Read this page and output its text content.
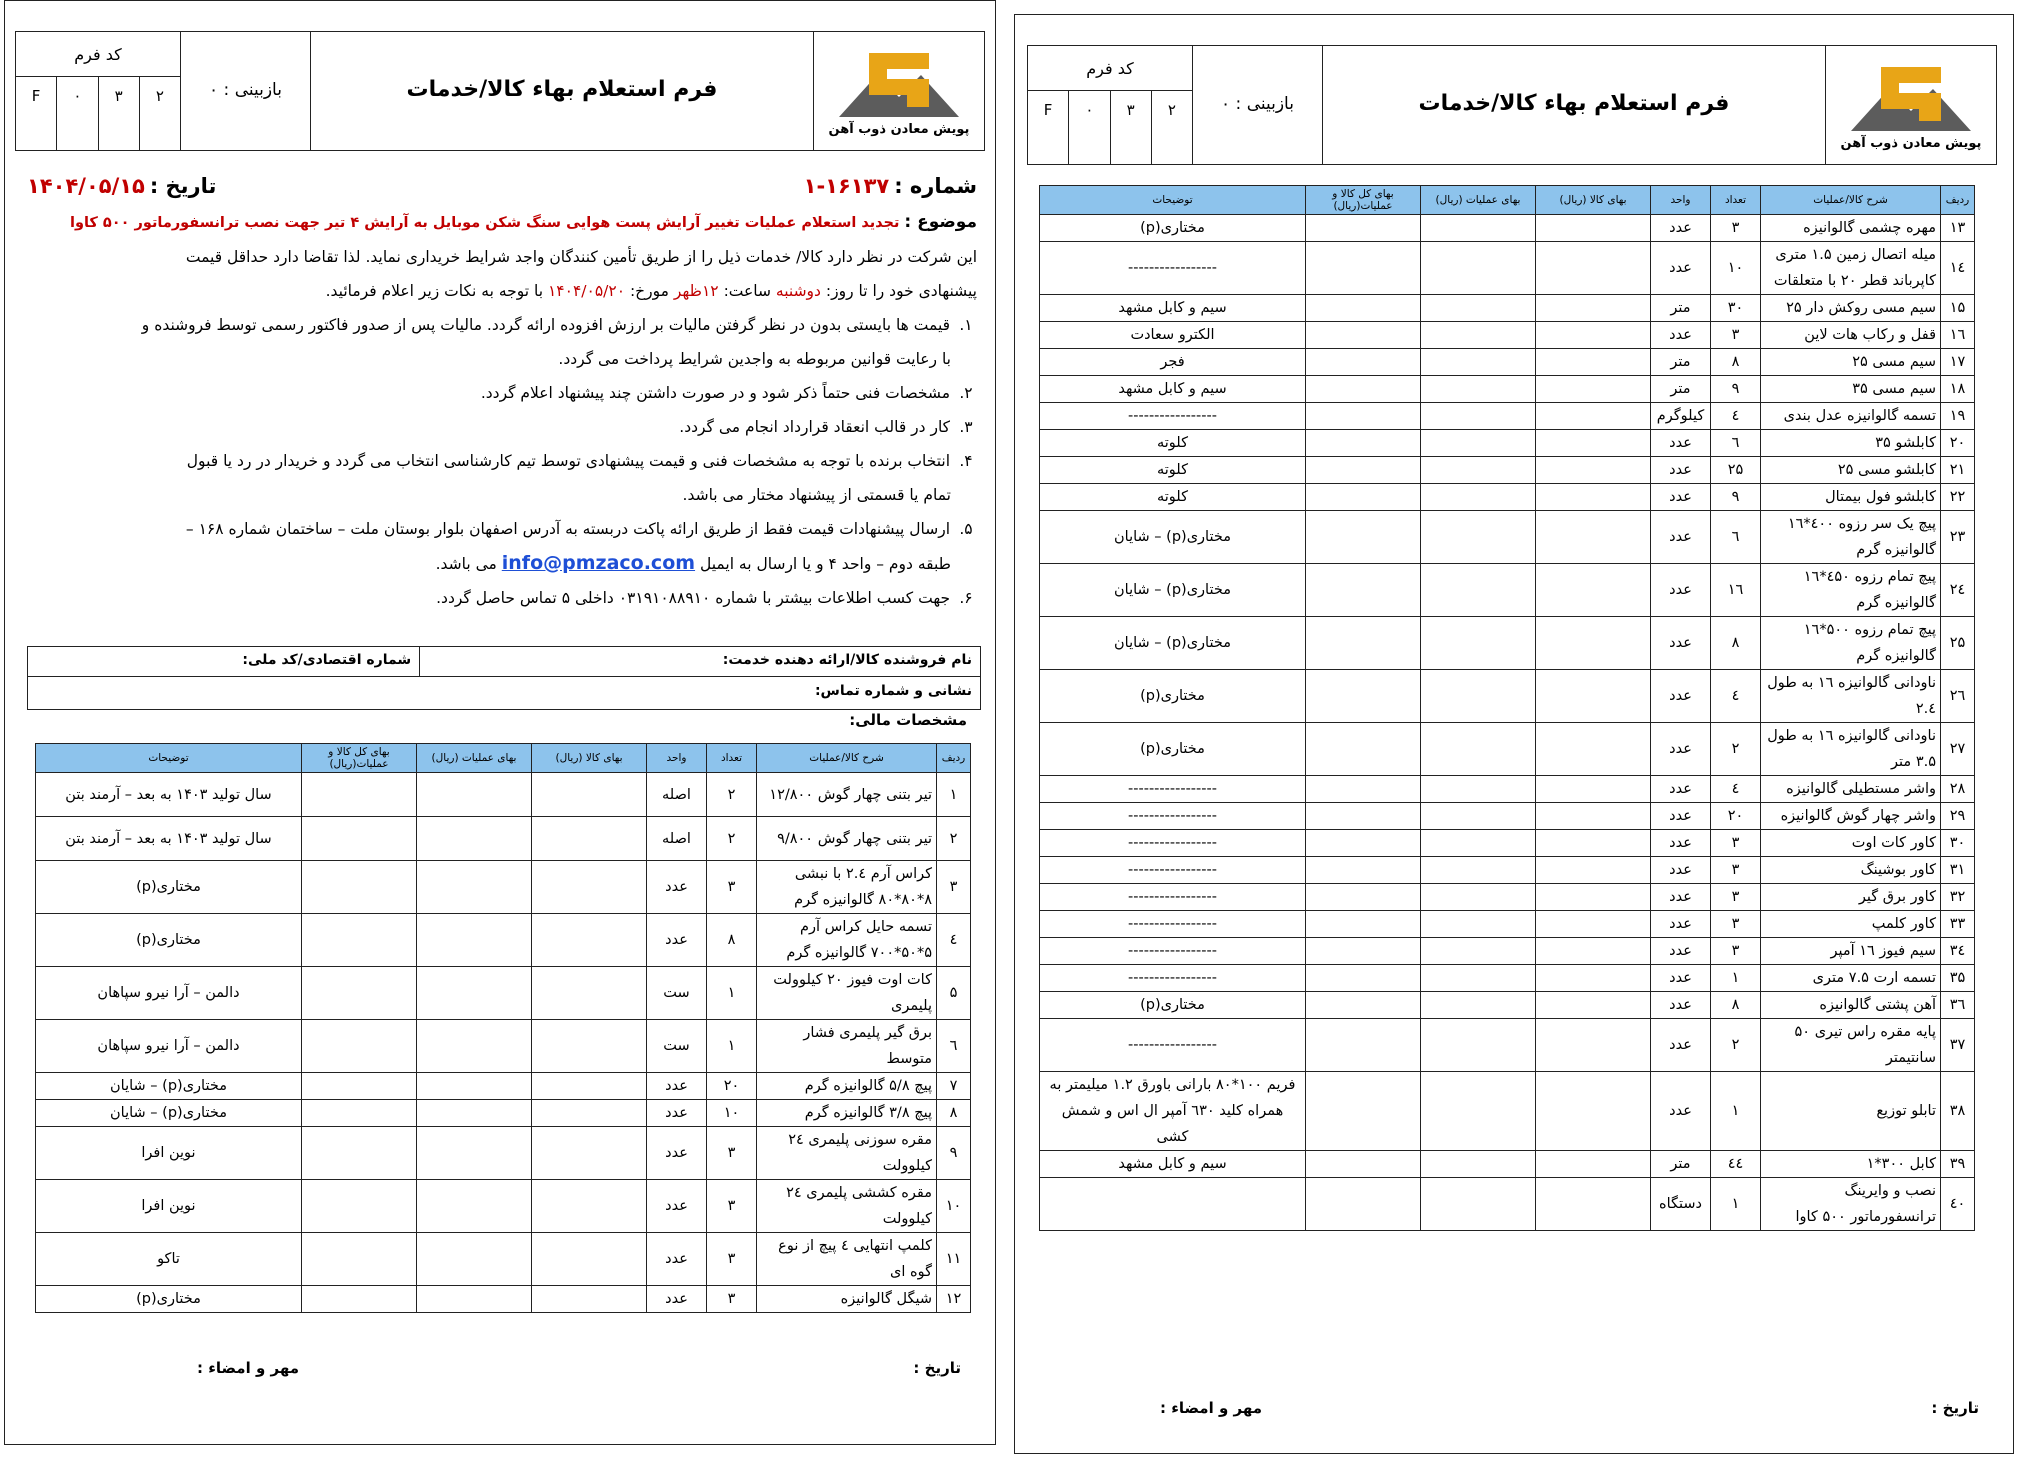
کد فرم
F	۰	۳	۲	بازبینی : ۰	فرم استعلام بهاء کالا/خدمات
پویش معادن ذوب آهن
شماره : ۱۶۱۳۷-۱
تاریخ : ۱۴۰۴/۰۵/۱۵
موضوع : تجدید استعلام عملیات تغییر آرایش پست هوایی سنگ شکن موبایل به آرایش ۴ تیر جهت نصب ترانسفورماتور ۵۰۰ کاوا
این شرکت در نظر دارد کالا/ خدمات ذیل را از طریق تأمین کنندگان واجد شرایط خریداری نماید. لذا تقاضا دارد حداقل قیمت
پیشنهادی خود را تا روز: دوشنبه ساعت: ۱۲ظهر مورخ: ۱۴۰۴/۰۵/۲۰ با توجه به نکات زیر اعلام فرمائید.
۱. قیمت ها بایستی بدون در نظر گرفتن مالیات بر ارزش افزوده ارائه گردد. مالیات پس از صدور فاکتور رسمی توسط فروشنده و
با رعایت قوانین مربوطه به واجدین شرایط پرداخت می گردد.
۲. مشخصات فنی حتماً ذکر شود و در صورت داشتن چند پیشنهاد اعلام گردد.
۳. کار در قالب انعقاد قرارداد انجام می گردد.
۴. انتخاب برنده با توجه به مشخصات فنی و قیمت پیشنهادی توسط تیم کارشناسی انتخاب می گردد و خریدار در رد یا قبول
تمام یا قسمتی از پیشنهاد مختار می باشد.
۵. ارسال پیشنهادات قیمت فقط از طریق ارائه پاکت دربسته به آدرس اصفهان بلوار بوستان ملت – ساختمان شماره ۱۶۸ –
طبقه دوم – واحد ۴ و یا ارسال به ایمیل info@pmzaco.com می باشد.
۶. جهت کسب اطلاعات بیشتر با شماره ۰۳۱۹۱۰۸۸۹۱۰ داخلی ۵ تماس حاصل گردد.
نام فروشنده کالا/ارائه دهنده خدمت:
شماره اقتصادی/کد ملی:
نشانی و شماره تماس:
مشخصات مالی:
ردیف	شرح کالا/عملیات	تعداد	واحد	بهای کالا (ریال)	بهای عملیات (ریال)	بهای کل کالا و عملیات(ریال)	توضیحات
۱	تیر بتنی چهار گوش ۱۲/۸۰۰	۲	اصله				سال تولید ۱۴۰۳ به بعد – آرمند بتن
۲	تیر بتنی چهار گوش ۹/۸۰۰	۲	اصله				سال تولید ۱۴۰۳ به بعد – آرمند بتن
۳	کراس آرم ۲.٤ با نبشی ۸*۸۰*۸۰ گالوانیزه گرم	۳	عدد				مختاری(p)
٤	تسمه حایل کراس آرم ۵*۵۰*۷۰۰ گالوانیزه گرم	۸	عدد				مختاری(p)
۵	کات اوت فیوز ۲۰ کیلوولت پلیمری	۱	ست				دالمن – آرا نیرو سپاهان
٦	برق گیر پلیمری فشار متوسط	۱	ست				دالمن – آرا نیرو سپاهان
۷	پیچ ۵/۸ گالوانیزه گرم	۲۰	عدد				مختاری(p) – شایان
۸	پیچ ۳/۸ گالوانیزه گرم	۱۰	عدد				مختاری(p) – شایان
۹	مقره سوزنی پلیمری ٢٤ کیلوولت	۳	عدد				نوین افرا
۱۰	مقره کششی پلیمری ٢٤ کیلوولت	۳	عدد				نوین افرا
۱۱	کلمپ انتهایی ٤ پیچ از نوع گوه ای	۳	عدد				تاکو
۱۲	شیگل گالوانیزه	۳	عدد				مختاری(p)
تاریخ :
مهر و امضاء :
کد فرم
F	۰	۳	۲	بازبینی : ۰	فرم استعلام بهاء کالا/خدمات
پویش معادن ذوب آهن
ردیف	شرح کالا/عملیات	تعداد	واحد	بهای کالا (ریال)	بهای عملیات (ریال)	بهای کل کالا و عملیات(ریال)	توضیحات
۱۳	مهره چشمی گالوانیزه	۳	عدد				مختاری(p)
۱٤	میله اتصال زمین ۱.۵ متری کاپرباند قطر ۲۰ با متعلقات	۱۰	عدد				-----------------
۱۵	سیم مسی روکش دار ۲۵	۳۰	متر				سیم و کابل مشهد
۱٦	قفل و رکاب هات لاین	۳	عدد				الکترو سعادت
۱۷	سیم مسی ۲۵	۸	متر				فجر
۱۸	سیم مسی ۳۵	۹	متر				سیم و کابل مشهد
۱۹	تسمه گالوانیزه عدل بندی	٤	کیلوگرم				-----------------
۲۰	کابلشو ۳۵	٦	عدد				کلوته
۲۱	کابلشو مسی ۲۵	۲۵	عدد				کلوته
۲۲	کابلشو فول بیمتال	۹	عدد				کلوته
۲۳	پیچ یک سر رزوه ٤۰۰*۱٦ گالوانیزه گرم	٦	عدد				مختاری(p) – شایان
۲٤	پیچ تمام رزوه ٤۵۰*۱٦ گالوانیزه گرم	۱٦	عدد				مختاری(p) – شایان
۲۵	پیچ تمام رزوه ۵۰۰*۱٦ گالوانیزه گرم	۸	عدد				مختاری(p) – شایان
۲٦	ناودانی گالوانیزه ۱٦ به طول ۲.٤	٤	عدد				مختاری(p)
۲۷	ناودانی گالوانیزه ۱٦ به طول ۳.۵ متر	۲	عدد				مختاری(p)
۲۸	واشر مستطیلی گالوانیزه	٤	عدد				-----------------
۲۹	واشر چهار گوش گالوانیزه	۲۰	عدد				-----------------
۳۰	کاور کات اوت	۳	عدد				-----------------
۳۱	کاور بوشینگ	۳	عدد				-----------------
۳۲	کاور برق گیر	۳	عدد				-----------------
۳۳	کاور کلمپ	۳	عدد				-----------------
۳٤	سیم فیوز ۱٦ آمپر	۳	عدد				-----------------
۳۵	تسمه ارت ۷.۵ متری	۱	عدد				-----------------
۳٦	آهن پشتی گالوانیزه	۸	عدد				مختاری(p)
۳۷	پایه مقره راس تیری ۵۰ سانتیمتر	۲	عدد				-----------------
۳۸	تابلو توزیع	۱	عدد				فریم ۱۰۰*۸۰ بارانی باورق ۱.۲ میلیمتر به همراه کلید ٦۳۰ آمپر ال اس و شمش کشی
۳۹	کابل ۳۰۰*۱	٤٤	متر				سیم و کابل مشهد
٤۰	نصب و وایرینگ ترانسفورماتور ۵۰۰ کاوا	۱	دستگاه				
تاریخ :
مهر و امضاء :
